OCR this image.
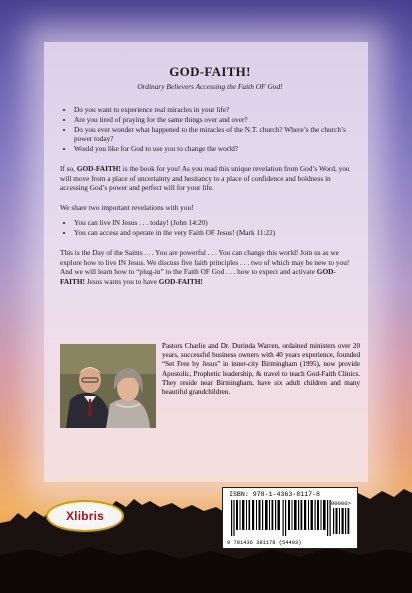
GOD-FAITH!
Ordinary Believers Accessing the Faith OF God!
• Do you want to experience real miracles in your life?
• Are you tired of praying for the same things over and over?
• Do you ever wonder what happened to the miracles of the N.T. church? Where’s the church’s power today?
• Would you like for God to use you to change the world?

If so, GOD-FAITH! is the book for you! As you read this unique revelation from God’s Word, you will move from a place of uncertainty and hesitancy to a place of confidence and boldness in accessing God’s power and perfect will for your life.

We share two important revelations with you!

• You can live IN Jesus . . . today! (John 14:20)
• You can access and operate in the very Faith OF Jesus! (Mark 11:22)

This is the Day of the Saints . . . You are powerful . . . You can change this world! Join us as we explore how to live IN Jesus. We discuss five faith principles . . . two of which may be new to you! And we will learn how to “plug-in” to the Faith OF God . . . how to expect and activate GOD-FAITH! Jesus wants you to have GOD-FAITH!

Pastors Charlie and Dr. Durinda Warren, ordained ministers over 20 years, successful business owners with 40 years experience, founded “Set Free by Jesus” in inner-city Birmingham (1995), now provide Apostolic, Prophetic leadership, & travel to teach God-Faith Clinics. They reside near Birmingham, have six adult children and many beautiful grandchildren.

Xlibris
ISBN: 978-1-4363-8117-8
90000>
9 781436 381178 (54403)
